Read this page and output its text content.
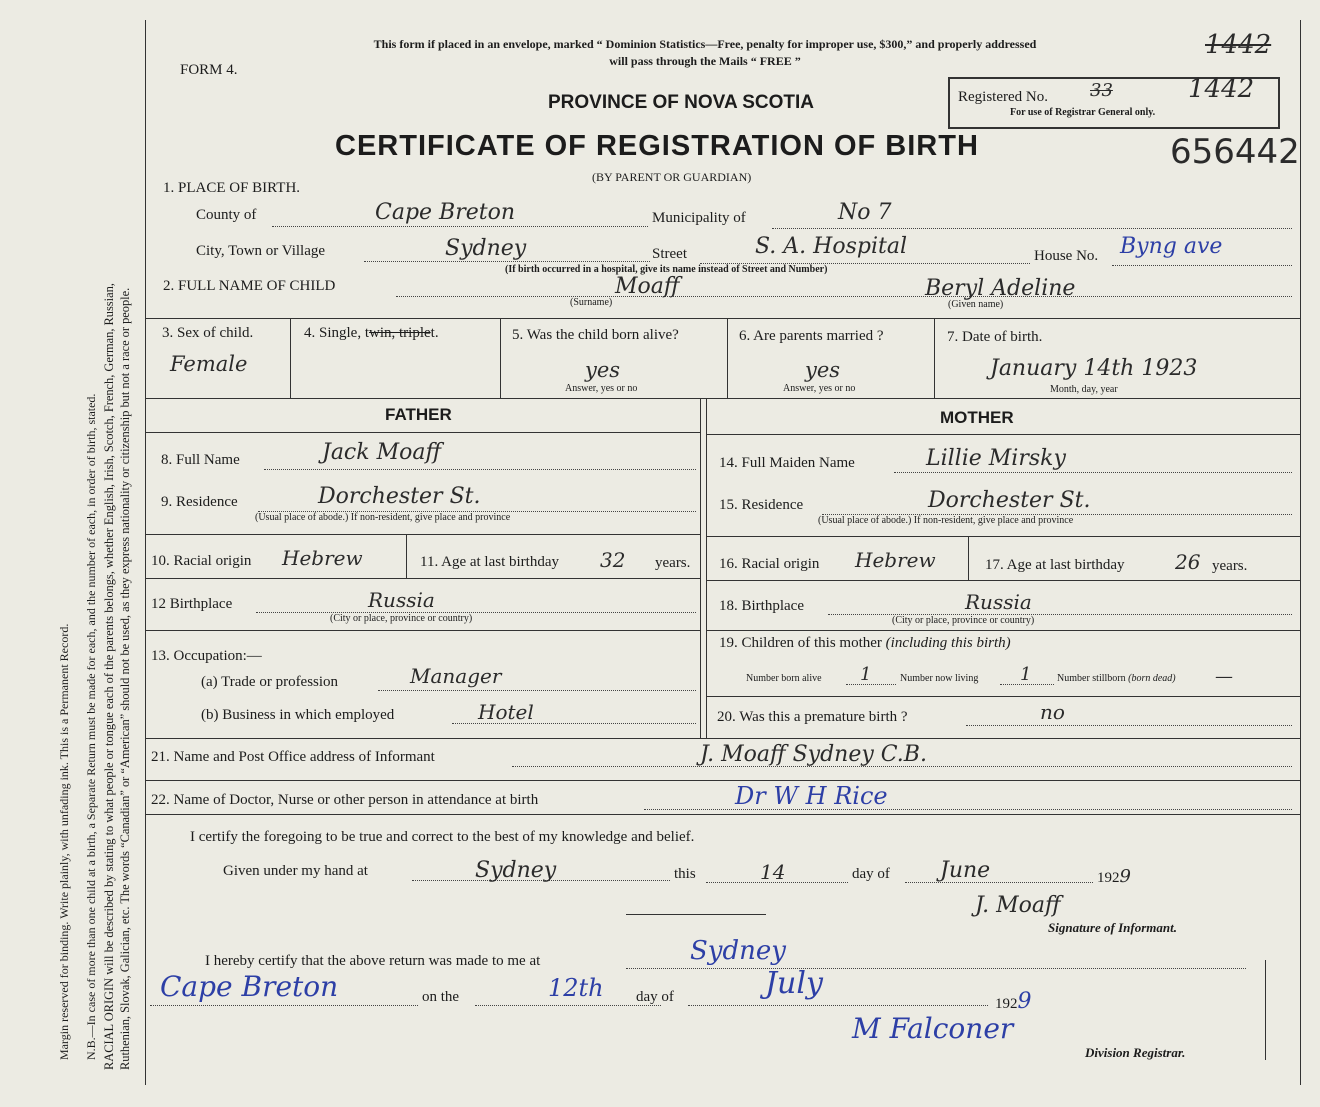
Margin reserved for binding. Write plainly, with unfading ink. This is a Permanent Record. N.B.—In case of more than one child at a birth, a Separate Return must be made for each, and the number of each, in order of birth, stated. RACIAL ORIGIN will be described by stating to what people or tongue each of the parents belongs, whether English, Irish, Scotch, French, German, Russian, Ruthenian, Slovak, Galician, etc. The words “Canadian” or “American” should not be used, as they express nationality or citizenship but not a race or people.
This form if placed in an envelope, marked “ Dominion Statistics—Free, penalty for improper use, $300,” and properly addressed
will pass through the Mails “ FREE ”
FORM 4.
PROVINCE OF NOVA SCOTIA
CERTIFICATE OF REGISTRATION OF BIRTH
(BY PARENT OR GUARDIAN)
Registered No. 33	1442
For use of Registrar General only.
1442
656442
1. PLACE OF BIRTH.
County of	Cape Breton	Municipality of	No 7
City, Town or Village	Sydney	Street	S. A. Hospital
(If birth occurred in a hospital, give its name instead of Street and Number)
House No. Byng ave
2. FULL NAME OF CHILD	Moaff
(Surname)
Beryl Adeline
(Given name)
3. Sex of child.
Female
4. Single, twin, triplet.	5. Was the child born alive?
yes
Answer, yes or no
6. Are parents married ?
yes
Answer, yes or no
7. Date of birth.
January 14th 1923
Month, day, year
FATHER	MOTHER
8. Full Name	Jack Moaff
9. Residence	Dorchester St.
(Usual place of abode.) If non-resident, give place and province
10. Racial origin Hebrew	11. Age at last birthday 32 years.
12 Birthplace	Russia
(City or place, province or country)
13. Occupation:—
(a) Trade or profession	Manager
(b) Business in which employed	Hotel
14. Full Maiden Name	Lillie Mirsky
15. Residence	Dorchester St.
(Usual place of abode.) If non-resident, give place and province
16. Racial origin Hebrew	17. Age at last birthday	26 years.
18. Birthplace	Russia
(City or place, province or country)
19. Children of this mother (including this birth)
Number born alive 1	Number now living 1	Number stillborn (born dead) —
20. Was this a premature birth ?	no
21. Name and Post Office address of Informant	J. Moaff Sydney C.B.
22. Name of Doctor, Nurse or other person in attendance at birth	Dr W H Rice
I certify the foregoing to be true and correct to the best of my knowledge and belief.
Given under my hand at	Sydney	this	14	day of June	1929
J. Moaff
Signature of Informant.
I hereby certify that the above return was made to me at	Sydney
Cape Breton	on the	12th day of	July
1929
M Falconer
Division Registrar.
